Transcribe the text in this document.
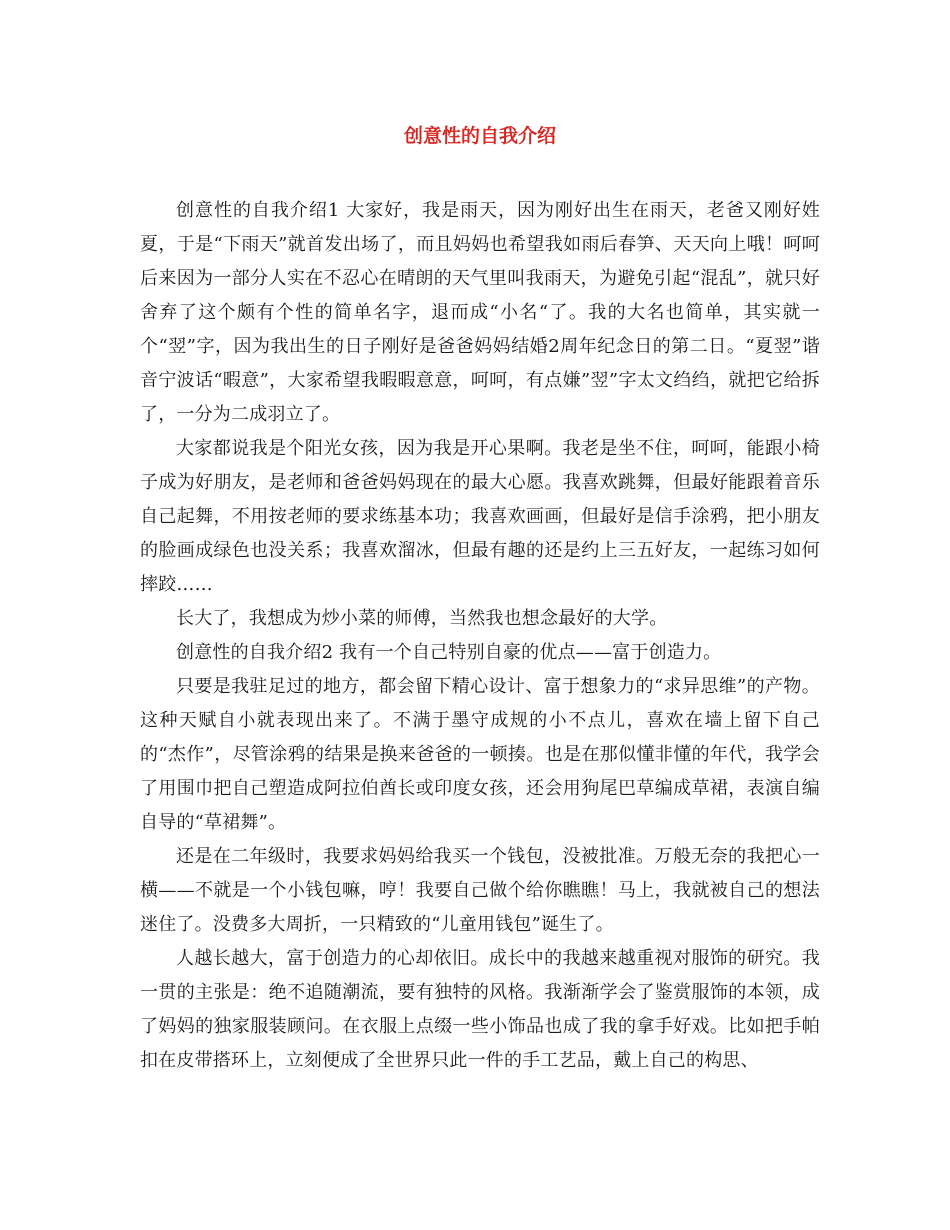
创意性的自我介绍

创意性的自我介绍1 大家好，我是雨天，因为刚好出生在雨天，老爸又刚好姓夏，于是“下雨天”就首发出场了，而且妈妈也希望我如雨后春笋、天天向上哦！呵呵后来因为一部分人实在不忍心在晴朗的天气里叫我雨天，为避免引起“混乱”，就只好舍弃了这个颇有个性的简单名字，退而成“小名“了。我的大名也简单，其实就一个“翌”字，因为我出生的日子刚好是爸爸妈妈结婚2周年纪念日的第二日。“夏翌”谐音宁波话“暇意”，大家希望我暇暇意意，呵呵，有点嫌”翌”字太文绉绉，就把它给拆了，一分为二成羽立了。

大家都说我是个阳光女孩，因为我是开心果啊。我老是坐不住，呵呵，能跟小椅子成为好朋友，是老师和爸爸妈妈现在的最大心愿。我喜欢跳舞，但最好能跟着音乐自己起舞，不用按老师的要求练基本功；我喜欢画画，但最好是信手涂鸦，把小朋友的脸画成绿色也没关系；我喜欢溜冰，但最有趣的还是约上三五好友，一起练习如何摔跤……

长大了，我想成为炒小菜的师傅，当然我也想念最好的大学。

创意性的自我介绍2 我有一个自己特别自豪的优点——富于创造力。

只要是我驻足过的地方，都会留下精心设计、富于想象力的“求异思维”的产物。这种天赋自小就表现出来了。不满于墨守成规的小不点儿，喜欢在墙上留下自己的“杰作”，尽管涂鸦的结果是换来爸爸的一顿揍。也是在那似懂非懂的年代，我学会了用围巾把自己塑造成阿拉伯酋长或印度女孩，还会用狗尾巴草编成草裙，表演自编自导的“草裙舞”。

还是在二年级时，我要求妈妈给我买一个钱包，没被批准。万般无奈的我把心一横——不就是一个小钱包嘛，哼！我要自己做个给你瞧瞧！马上，我就被自己的想法迷住了。没费多大周折，一只精致的“儿童用钱包”诞生了。

人越长越大，富于创造力的心却依旧。成长中的我越来越重视对服饰的研究。我一贯的主张是：绝不追随潮流，要有独特的风格。我渐渐学会了鉴赏服饰的本领，成了妈妈的独家服装顾问。在衣服上点缀一些小饰品也成了我的拿手好戏。比如把手帕扣在皮带搭环上，立刻便成了全世界只此一件的手工艺品，戴上自己的构思、
